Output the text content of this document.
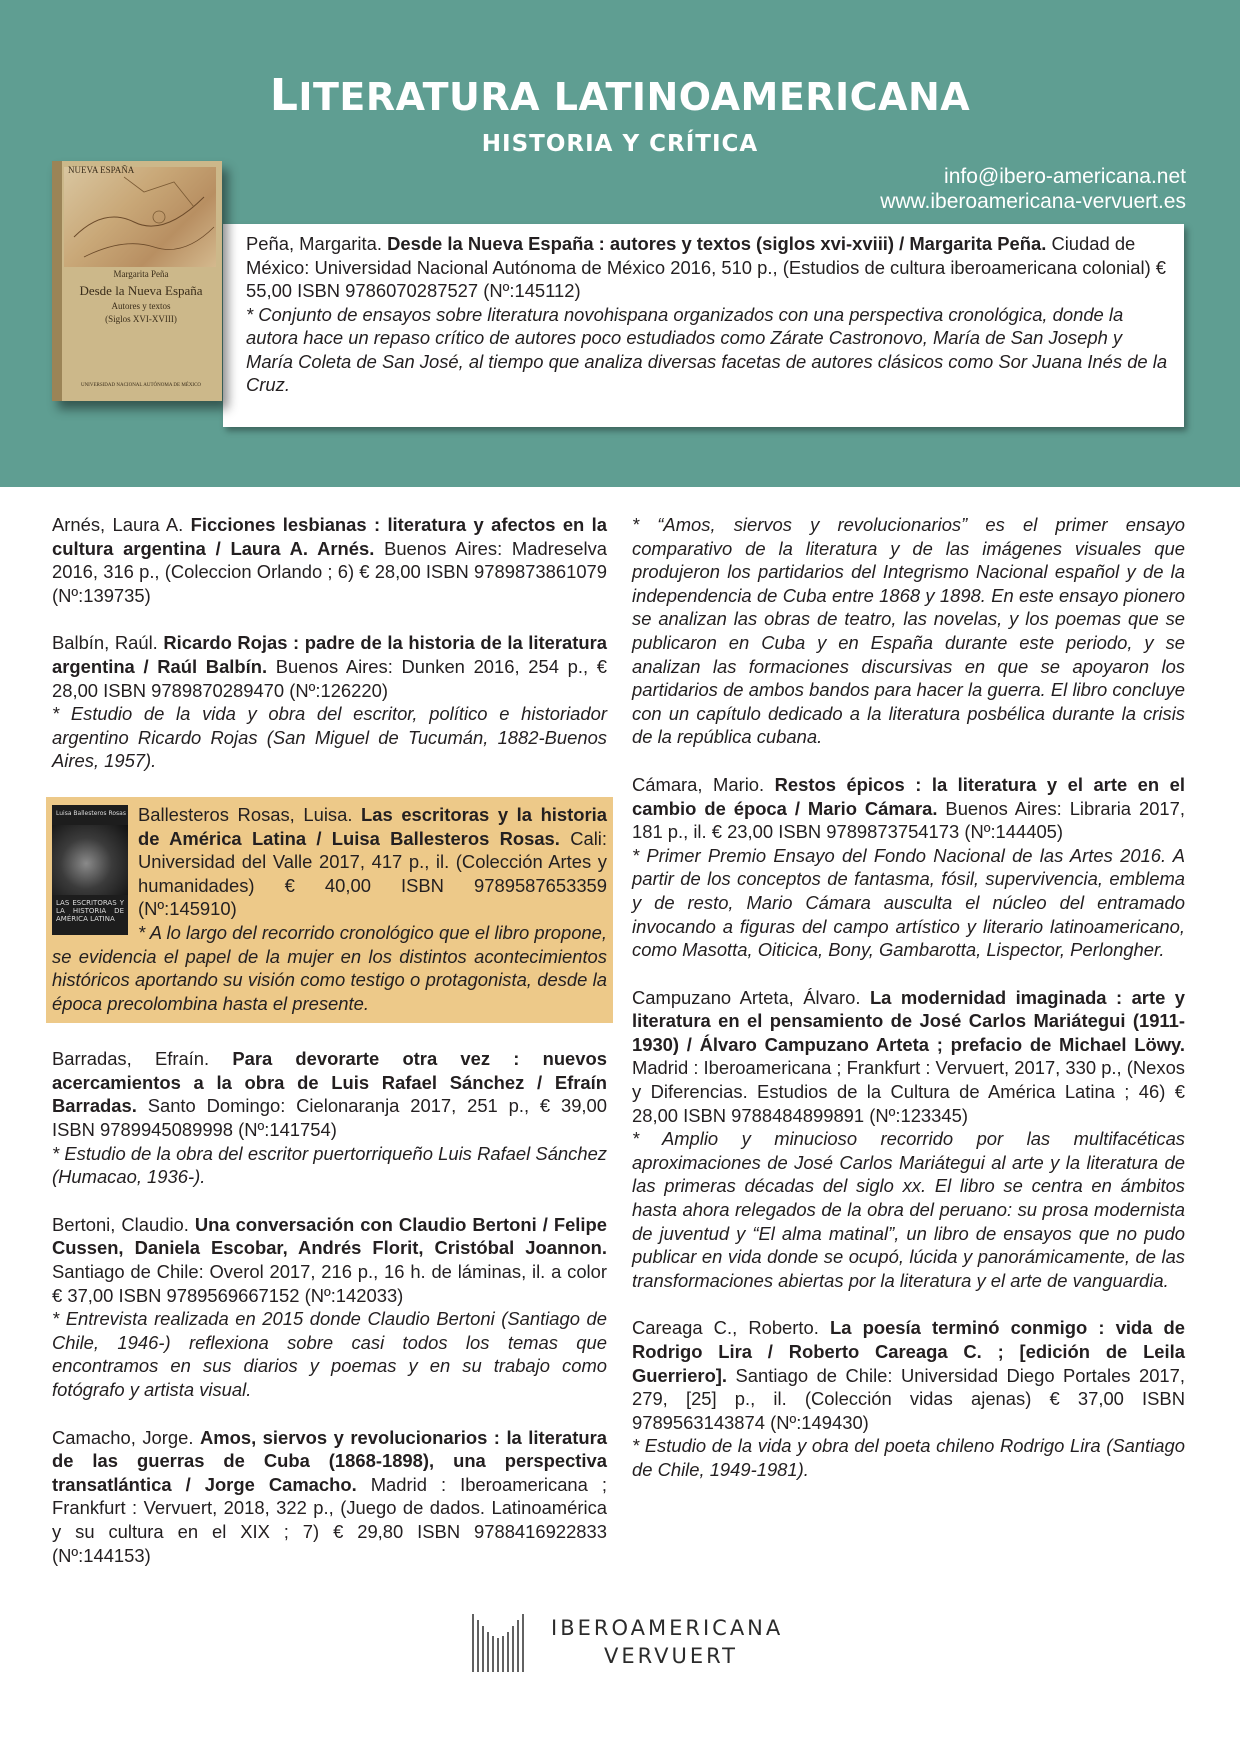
LITERATURA LATINOAMERICANA
HISTORIA Y CRÍTICA
info@ibero-americana.net
www.iberoamericana-vervuert.es
Peña, Margarita. Desde la Nueva España : autores y textos (siglos xvi-xviii) / Margarita Peña. Ciudad de México: Universidad Nacional Autónoma de México 2016, 510 p., (Estudios de cultura iberoamericana colonial) € 55,00 ISBN 9786070287527 (Nº:145112)
* Conjunto de ensayos sobre literatura novohispana organizados con una perspectiva cronológica, donde la autora hace un repaso crítico de autores poco estudiados como Zárate Castronovo, María de San Joseph y María Coleta de San José, al tiempo que analiza diversas facetas de autores clásicos como Sor Juana Inés de la Cruz.
NUEVA ESPAÑA
Margarita Peña
Desde la Nueva España
Autores y textos
(Siglos XVI-XVIII)
UNIVERSIDAD NACIONAL AUTÓNOMA DE MÉXICO
Arnés, Laura A. Ficciones lesbianas : literatura y afectos en la cultura argentina / Laura A. Arnés. Buenos Aires: Madreselva 2016, 316 p., (Coleccion Orlando ; 6) € 28,00 ISBN 9789873861079 (Nº:139735)
Balbín, Raúl. Ricardo Rojas : padre de la historia de la literatura argentina / Raúl Balbín. Buenos Aires: Dunken 2016, 254 p., € 28,00 ISBN 9789870289470 (Nº:126220)
* Estudio de la vida y obra del escritor, político e historiador argentino Ricardo Rojas (San Miguel de Tucumán, 1882-Buenos Aires, 1957).
Luisa Ballesteros Rosas
LAS ESCRITORAS Y LA HISTORIA DE AMÉRICA LATINA
Ballesteros Rosas, Luisa. Las escritoras y la historia de América Latina / Luisa Ballesteros Rosas. Cali: Universidad del Valle 2017, 417 p., il. (Colección Artes y humanidades) € 40,00 ISBN 9789587653359 (Nº:145910)
* A lo largo del recorrido cronológico que el libro propone, se evidencia el papel de la mujer en los distintos acontecimientos históricos aportando su visión como testigo o protagonista, desde la época precolombina hasta el presente.
Barradas, Efraín. Para devorarte otra vez : nuevos acercamientos a la obra de Luis Rafael Sánchez / Efraín Barradas. Santo Domingo: Cielonaranja 2017, 251 p., € 39,00 ISBN 9789945089998 (Nº:141754)
* Estudio de la obra del escritor puertorriqueño Luis Rafael Sánchez (Humacao, 1936-).
Bertoni, Claudio. Una conversación con Claudio Bertoni / Felipe Cussen, Daniela Escobar, Andrés Florit, Cristóbal Joannon. Santiago de Chile: Overol 2017, 216 p., 16 h. de láminas, il. a color € 37,00 ISBN 9789569667152 (Nº:142033)
* Entrevista realizada en 2015 donde Claudio Bertoni (Santiago de Chile, 1946-) reflexiona sobre casi todos los temas que encontramos en sus diarios y poemas y en su trabajo como fotógrafo y artista visual.
Camacho, Jorge. Amos, siervos y revolucionarios : la literatura de las guerras de Cuba (1868-1898), una perspectiva transatlántica / Jorge Camacho. Madrid : Iberoamericana ; Frankfurt : Vervuert, 2018, 322 p., (Juego de dados. Latinoamérica y su cultura en el XIX ; 7) € 29,80 ISBN 9788416922833 (Nº:144153)
* “Amos, siervos y revolucionarios” es el primer ensayo comparativo de la literatura y de las imágenes visuales que produjeron los partidarios del Integrismo Nacional español y de la independencia de Cuba entre 1868 y 1898. En este ensayo pionero se analizan las obras de teatro, las novelas, y los poemas que se publicaron en Cuba y en España durante este periodo, y se analizan las formaciones discursivas en que se apoyaron los partidarios de ambos bandos para hacer la guerra. El libro concluye con un capítulo dedicado a la literatura posbélica durante la crisis de la república cubana.
Cámara, Mario. Restos épicos : la literatura y el arte en el cambio de época / Mario Cámara. Buenos Aires: Libraria 2017, 181 p., il. € 23,00 ISBN 9789873754173 (Nº:144405)
* Primer Premio Ensayo del Fondo Nacional de las Artes 2016. A partir de los conceptos de fantasma, fósil, supervivencia, emblema y de resto, Mario Cámara ausculta el núcleo del entramado invocando a figuras del campo artístico y literario latinoamericano, como Masotta, Oiticica, Bony, Gambarotta, Lispector, Perlongher.
Campuzano Arteta, Álvaro. La modernidad imaginada : arte y literatura en el pensamiento de José Carlos Mariátegui (1911-1930) / Álvaro Campuzano Arteta ; prefacio de Michael Löwy. Madrid : Iberoamericana ; Frankfurt : Vervuert, 2017, 330 p., (Nexos y Diferencias. Estudios de la Cultura de América Latina ; 46) € 28,00 ISBN 9788484899891 (Nº:123345)
* Amplio y minucioso recorrido por las multifacéticas aproximaciones de José Carlos Mariátegui al arte y la literatura de las primeras décadas del siglo xx. El libro se centra en ámbitos hasta ahora relegados de la obra del peruano: su prosa modernista de juventud y “El alma matinal”, un libro de ensayos que no pudo publicar en vida donde se ocupó, lúcida y panorámicamente, de las transformaciones abiertas por la literatura y el arte de vanguardia.
Careaga C., Roberto. La poesía terminó conmigo : vida de Rodrigo Lira / Roberto Careaga C. ; [edición de Leila Guerriero]. Santiago de Chile: Universidad Diego Portales 2017, 279, [25] p., il. (Colección vidas ajenas) € 37,00 ISBN 9789563143874 (Nº:149430)
* Estudio de la vida y obra del poeta chileno Rodrigo Lira (Santiago de Chile, 1949-1981).
IBEROAMERICANA
VERVUERT
